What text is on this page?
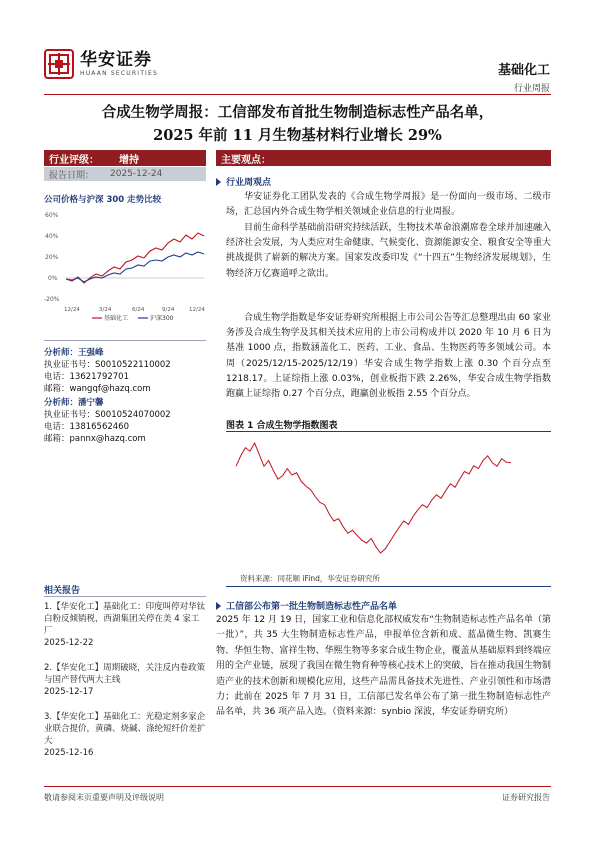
华安证券
HUAAN SECURITIES	基础化工
行业周报
合成生物学周报：工信部发布首批生物制造标志性产品名单，
2025 年前 11 月生物基材料行业增长 29%
行业评级： 增持
报告日期： 2025-12-24
公司价格与沪深 300 走势比较
60%
40%
20%
0%
-20%
12/24	3/24	6/24	9/24	12/24
基础化工	沪深300
分析师：王强峰
执业证书号：S0010522110002
电话：13621792701
邮箱：wangqf@hazq.com
分析师：潘宁馨
执业证书号：S0010524070002
电话：13816562460
邮箱：pannx@hazq.com
相关报告
1.【华安化工】基础化工：印度叫停对华钛白粉反倾销税，西湖集团关停在美 4 家工厂
2025-12-22
2.【华安化工】周期破晓，关注反内卷政策与国产替代两大主线
2025-12-17
3.【华安化工】基础化工：光稳定剂多家企业联合提价，黄磷、烧碱、涤纶短纤价差扩大
2025-12-16
主要观点：
行业周观点
华安证券化工团队发表的《合成生物学周报》是一份面向一级市场、二级市场，汇总国内外合成生物学相关领域企业信息的行业周报。
目前生命科学基础前沿研究持续活跃，生物技术革命浪潮席卷全球并加速融入经济社会发展，为人类应对生命健康、气候变化、资源能源安全、粮食安全等重大挑战提供了崭新的解决方案。国家发改委印发《“十四五”生物经济发展规划》，生物经济万亿赛道呼之欲出。
合成生物学指数是华安证券研究所根据上市公司公告等汇总整理出由 60 家业务涉及合成生物学及其相关技术应用的上市公司构成并以 2020 年 10 月 6 日为基准 1000 点，指数涵盖化工、医药、工业、食品、生物医药等多领域公司。本周（2025/12/15-2025/12/19）华安合成生物学指数上涨 0.30 个百分点至 1218.17。上证综指上涨 0.03%，创业板指下跌 2.26%，华安合成生物学指数跑赢上证综指 0.27 个百分点，跑赢创业板指 2.55 个百分点。
图表 1 合成生物学指数图表
资料来源：同花顺 iFind，华安证券研究所
工信部公布第一批生物制造标志性产品名单
2025 年 12 月 19 日，国家工业和信息化部权威发布“生物制造标志性产品名单（第一批）”，共 35 大生物制造标志性产品，申报单位含新和成、蓝晶微生物、凯赛生物、华恒生物、富祥生物、华熙生物等多家合成生物企业，覆盖从基础原料到终端应用的全产业链，展现了我国在微生物育种等核心技术上的突破，旨在推动我国生物制造产业的技术创新和规模化应用，这些产品需具备技术先进性、产业引领性和市场潜力；此前在 2025 年 7 月 31 日，工信部已发名单公布了第一批生物制造标志性产品名单，共 36 项产品入选。（资料来源：synbio 深波，华安证券研究所）
敬请参阅末页重要声明及评级说明	证券研究报告
